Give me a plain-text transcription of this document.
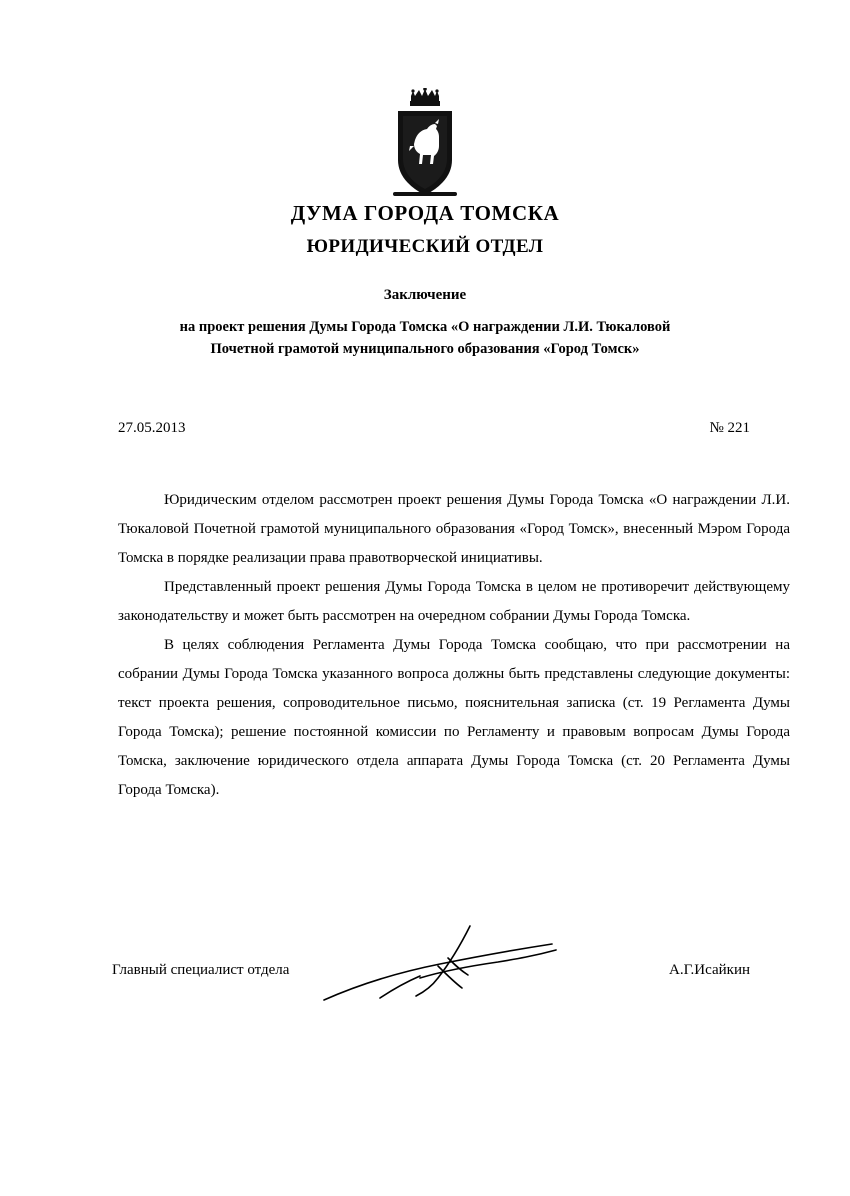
ДУМА ГОРОДА ТОМСКА
ЮРИДИЧЕСКИЙ ОТДЕЛ
Заключение
на проект решения Думы Города Томска «О награждении Л.И. Тюкаловой
Почетной грамотой муниципального образования «Город Томск»
27.05.2013	№ 221

Юридическим отделом рассмотрен проект решения Думы Города Томска «О награждении Л.И. Тюкаловой Почетной грамотой муниципального образования «Город Томск», внесенный Мэром Города Томска в порядке реализации права правотворческой инициативы.

Представленный проект решения Думы Города Томска в целом не противоречит действующему законодательству и может быть рассмотрен на очередном собрании Думы Города Томска.

В целях соблюдения Регламента Думы Города Томска сообщаю, что при рассмотрении на собрании Думы Города Томска указанного вопроса должны быть представлены следующие документы: текст проекта решения, сопроводительное письмо, пояснительная записка (ст. 19 Регламента Думы Города Томска); решение постоянной комиссии по Регламенту и правовым вопросам Думы Города Томска, заключение юридического отдела аппарата Думы Города Томска (ст. 20 Регламента Думы Города Томска).

Главный специалист отдела	А.Г.Исайкин
